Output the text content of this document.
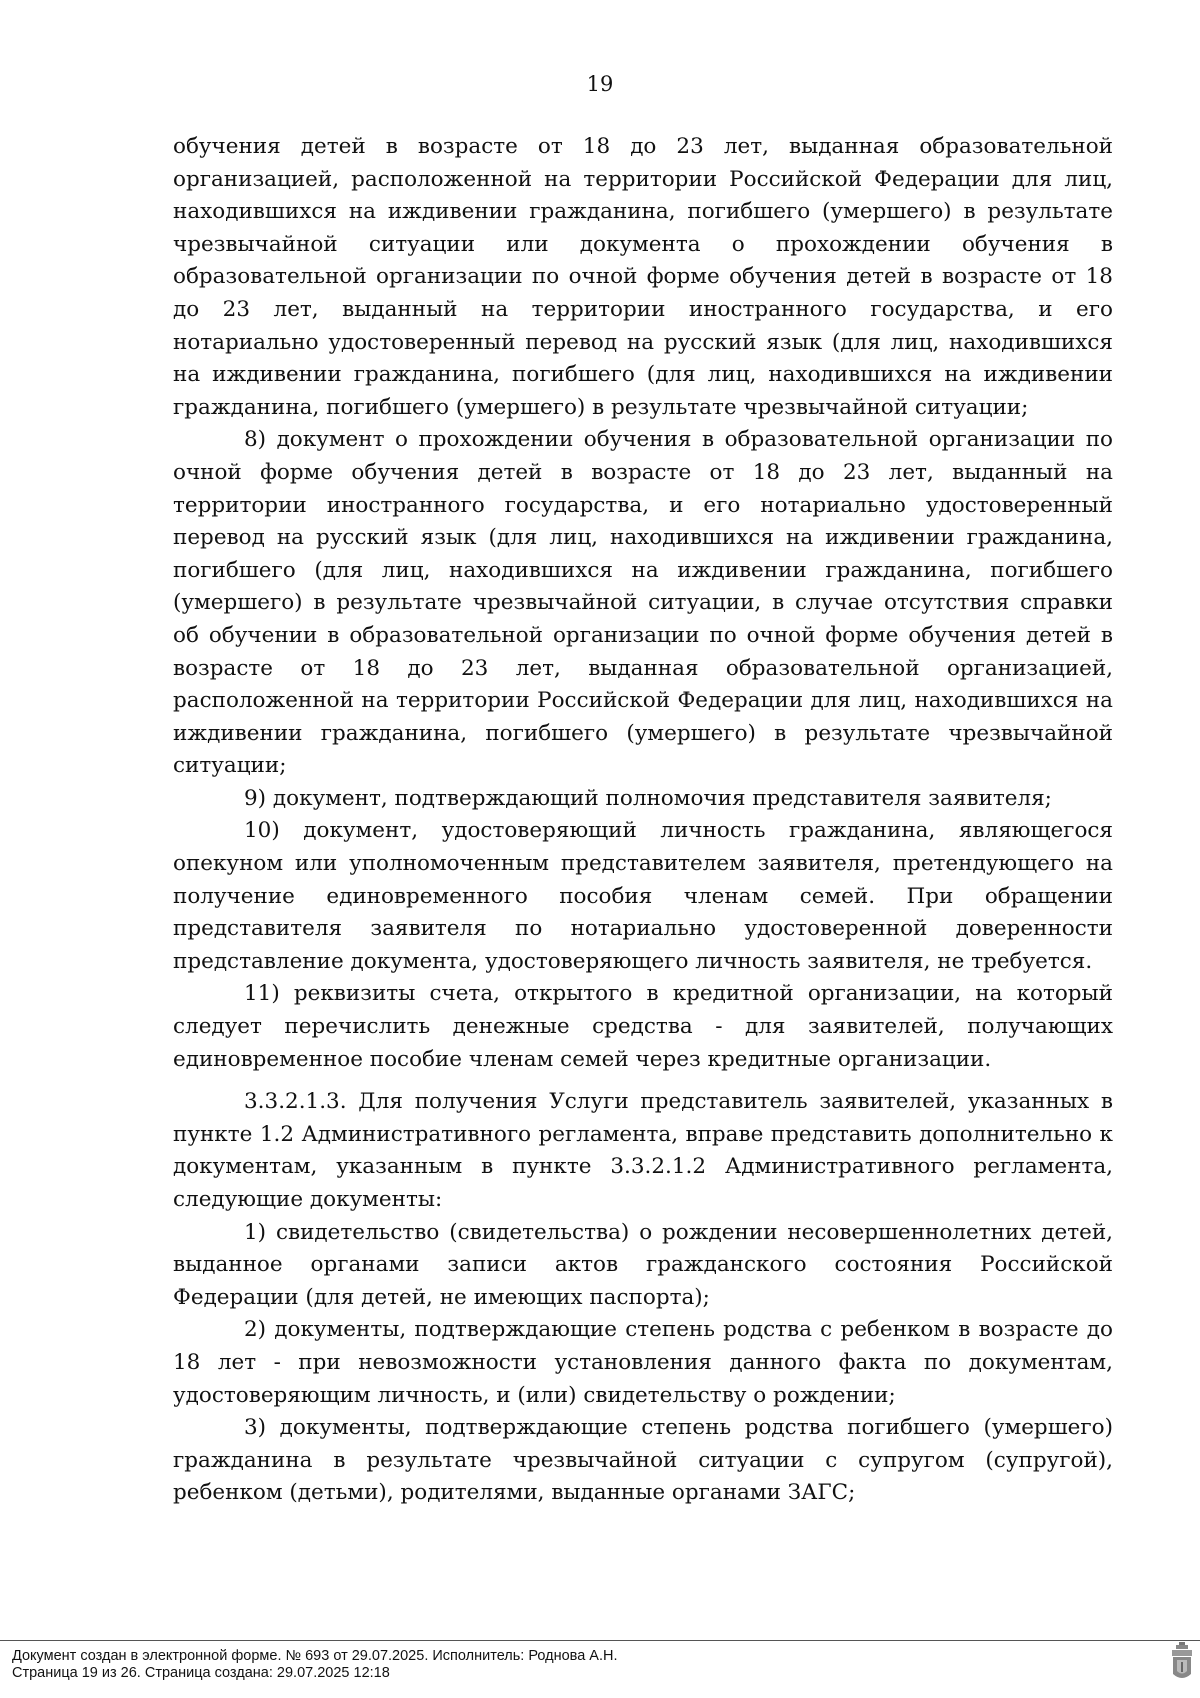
19

обучения детей в возрасте от 18 до 23 лет, выданная образовательной организацией, расположенной на территории Российской Федерации для лиц, находившихся на иждивении гражданина, погибшего (умершего) в результате чрезвычайной ситуации или документа о прохождении обучения в образовательной организации по очной форме обучения детей в возрасте от 18 до 23 лет, выданный на территории иностранного государства, и его нотариально удостоверенный перевод на русский язык (для лиц, находившихся на иждивении гражданина, погибшего (для лиц, находившихся на иждивении гражданина, погибшего (умершего) в результате чрезвычайной ситуации;

8) документ о прохождении обучения в образовательной организации по очной форме обучения детей в возрасте от 18 до 23 лет, выданный на территории иностранного государства, и его нотариально удостоверенный перевод на русский язык (для лиц, находившихся на иждивении гражданина, погибшего (для лиц, находившихся на иждивении гражданина, погибшего (умершего) в результате чрезвычайной ситуации, в случае отсутствия справки об обучении в образовательной организации по очной форме обучения детей в возрасте от 18 до 23 лет, выданная образовательной организацией, расположенной на территории Российской Федерации для лиц, находившихся на иждивении гражданина, погибшего (умершего) в результате чрезвычайной ситуации;

9) документ, подтверждающий полномочия представителя заявителя;

10) документ, удостоверяющий личность гражданина, являющегося опекуном или уполномоченным представителем заявителя, претендующего на получение единовременного пособия членам семей. При обращении представителя заявителя по нотариально удостоверенной доверенности представление документа, удостоверяющего личность заявителя, не требуется.

11) реквизиты счета, открытого в кредитной организации, на который следует перечислить денежные средства - для заявителей, получающих единовременное пособие членам семей через кредитные организации.

3.3.2.1.3. Для получения Услуги представитель заявителей, указанных в пункте 1.2 Административного регламента, вправе представить дополнительно к документам, указанным в пункте 3.3.2.1.2 Административного регламента, следующие документы:

1) свидетельство (свидетельства) о рождении несовершеннолетних детей, выданное органами записи актов гражданского состояния Российской Федерации (для детей, не имеющих паспорта);

2) документы, подтверждающие степень родства с ребенком в возрасте до 18 лет - при невозможности установления данного факта по документам, удостоверяющим личность, и (или) свидетельству о рождении;

3) документы, подтверждающие степень родства погибшего (умершего) гражданина в результате чрезвычайной ситуации с супругом (супругой), ребенком (детьми), родителями, выданные органами ЗАГС;

Документ создан в электронной форме. № 693 от 29.07.2025. Исполнитель: Роднова А.Н.
Страница 19 из 26. Страница создана: 29.07.2025 12:18
